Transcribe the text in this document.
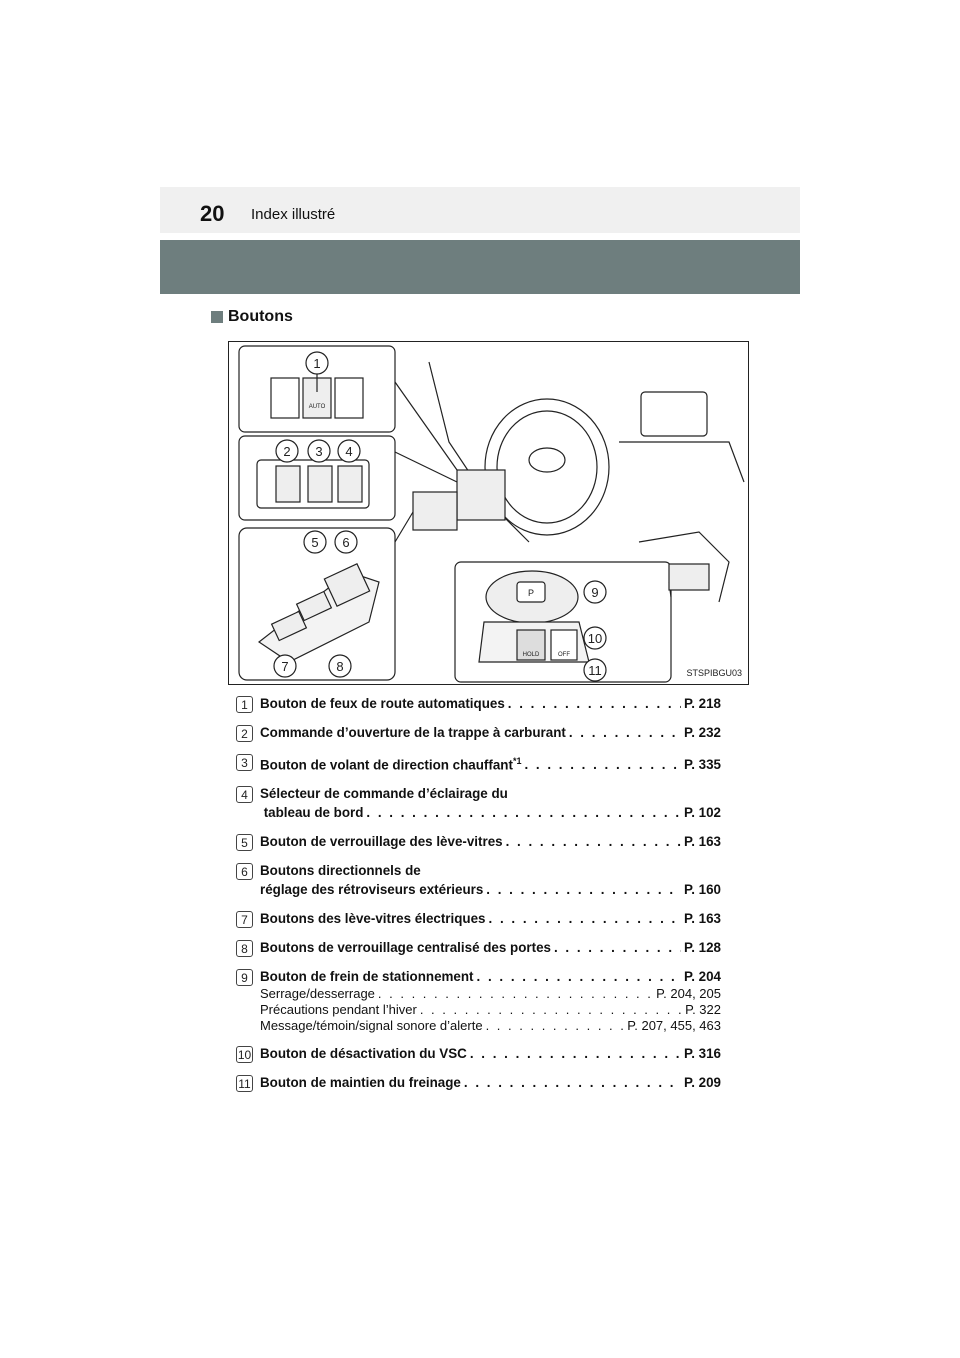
20 Index illustré
Boutons
1
2 3 4
5 6
7	8
9
10
11
AUTO
P
HOLD	OFF
STSPIBGU03
1 Bouton de feux de route automatiques . . .	P. 218
2 Commande d’ouverture de la trappe à carburant . . .	P. 232
3 Bouton de volant de direction chauffant$^{*1}$ . . .	P. 335
4 Sélecteur de commande d’éclairage du
tableau de bord . . .	P. 102
5 Bouton de verrouillage des lève-vitres . . .	P. 163
6 Boutons directionnels de
réglage des rétroviseurs extérieurs . . .	P. 160
7 Boutons des lève-vitres électriques . . .	P. 163
8 Boutons de verrouillage centralisé des portes . . .	P. 128
9 Bouton de frein de stationnement . . .	P. 204
Serrage/desserrage . . .	P. 204, 205
Précautions pendant l’hiver . . .	P. 322
Message/témoin/signal sonore d’alerte . . .	P. 207, 455, 463
10 Bouton de désactivation du VSC . . .	P. 316
11 Bouton de maintien du freinage . . .	P. 209
